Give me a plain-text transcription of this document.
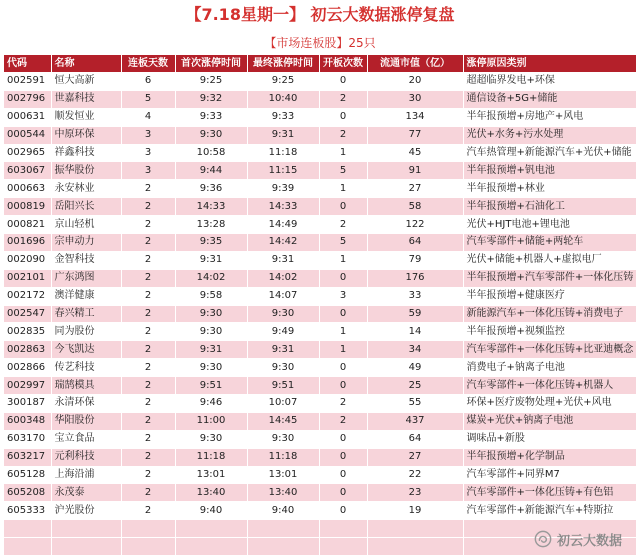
【7.18星期一】 初云大数据涨停复盘
【市场连板股】25只
代码	名称	连板天数	首次涨停时间	最终涨停时间	开板次数	流通市值（亿）	涨停原因类别
002591	恒大高新	6	9:25	9:25	0	20	超超临界发电+环保
002796	世嘉科技	5	9:32	10:40	2	30	通信设备+5G+储能
000631	顺发恒业	4	9:33	9:33	0	134	半年报预增+房地产+风电
000544	中原环保	3	9:30	9:31	2	77	光伏+水务+污水处理
002965	祥鑫科技	3	10:58	11:18	1	45	汽车热管理+新能源汽车+光伏+储能
603067	振华股份	3	9:44	11:15	5	91	半年报预增+钒电池
000663	永安林业	2	9:36	9:39	1	27	半年报预增+林业
000819	岳阳兴长	2	14:33	14:33	0	58	半年报预增+石油化工
000821	京山轻机	2	13:28	14:49	2	122	光伏+HJT电池+锂电池
001696	宗申动力	2	9:35	14:42	5	64	汽车零部件+储能+两轮车
002090	金智科技	2	9:31	9:31	1	79	光伏+储能+机器人+虚拟电厂
002101	广东鸿图	2	14:02	14:02	0	176	半年报预增+汽车零部件+一体化压铸
002172	澳洋健康	2	9:58	14:07	3	33	半年报预增+健康医疗
002547	春兴精工	2	9:30	9:30	0	59	新能源汽车+一体化压铸+消费电子
002835	同为股份	2	9:30	9:49	1	14	半年报预增+视频监控
002863	今飞凯达	2	9:31	9:31	1	34	汽车零部件+一体化压铸+比亚迪概念
002866	传艺科技	2	9:30	9:30	0	49	消费电子+钠离子电池
002997	瑞鹄模具	2	9:51	9:51	0	25	汽车零部件+一体化压铸+机器人
300187	永清环保	2	9:46	10:07	2	55	环保+医疗废物处理+光伏+风电
600348	华阳股份	2	11:00	14:45	2	437	煤炭+光伏+钠离子电池
603170	宝立食品	2	9:30	9:30	0	64	调味品+新股
603217	元利科技	2	11:18	11:18	0	27	半年报预增+化学制品
605128	上海沿浦	2	13:01	13:01	0	22	汽车零部件+同界M7
605208	永茂泰	2	13:40	13:40	0	23	汽车零部件+一体化压铸+有色铝
605333	沪光股份	2	9:40	9:40	0	19	汽车零部件+新能源汽车+特斯拉

初云大数据
